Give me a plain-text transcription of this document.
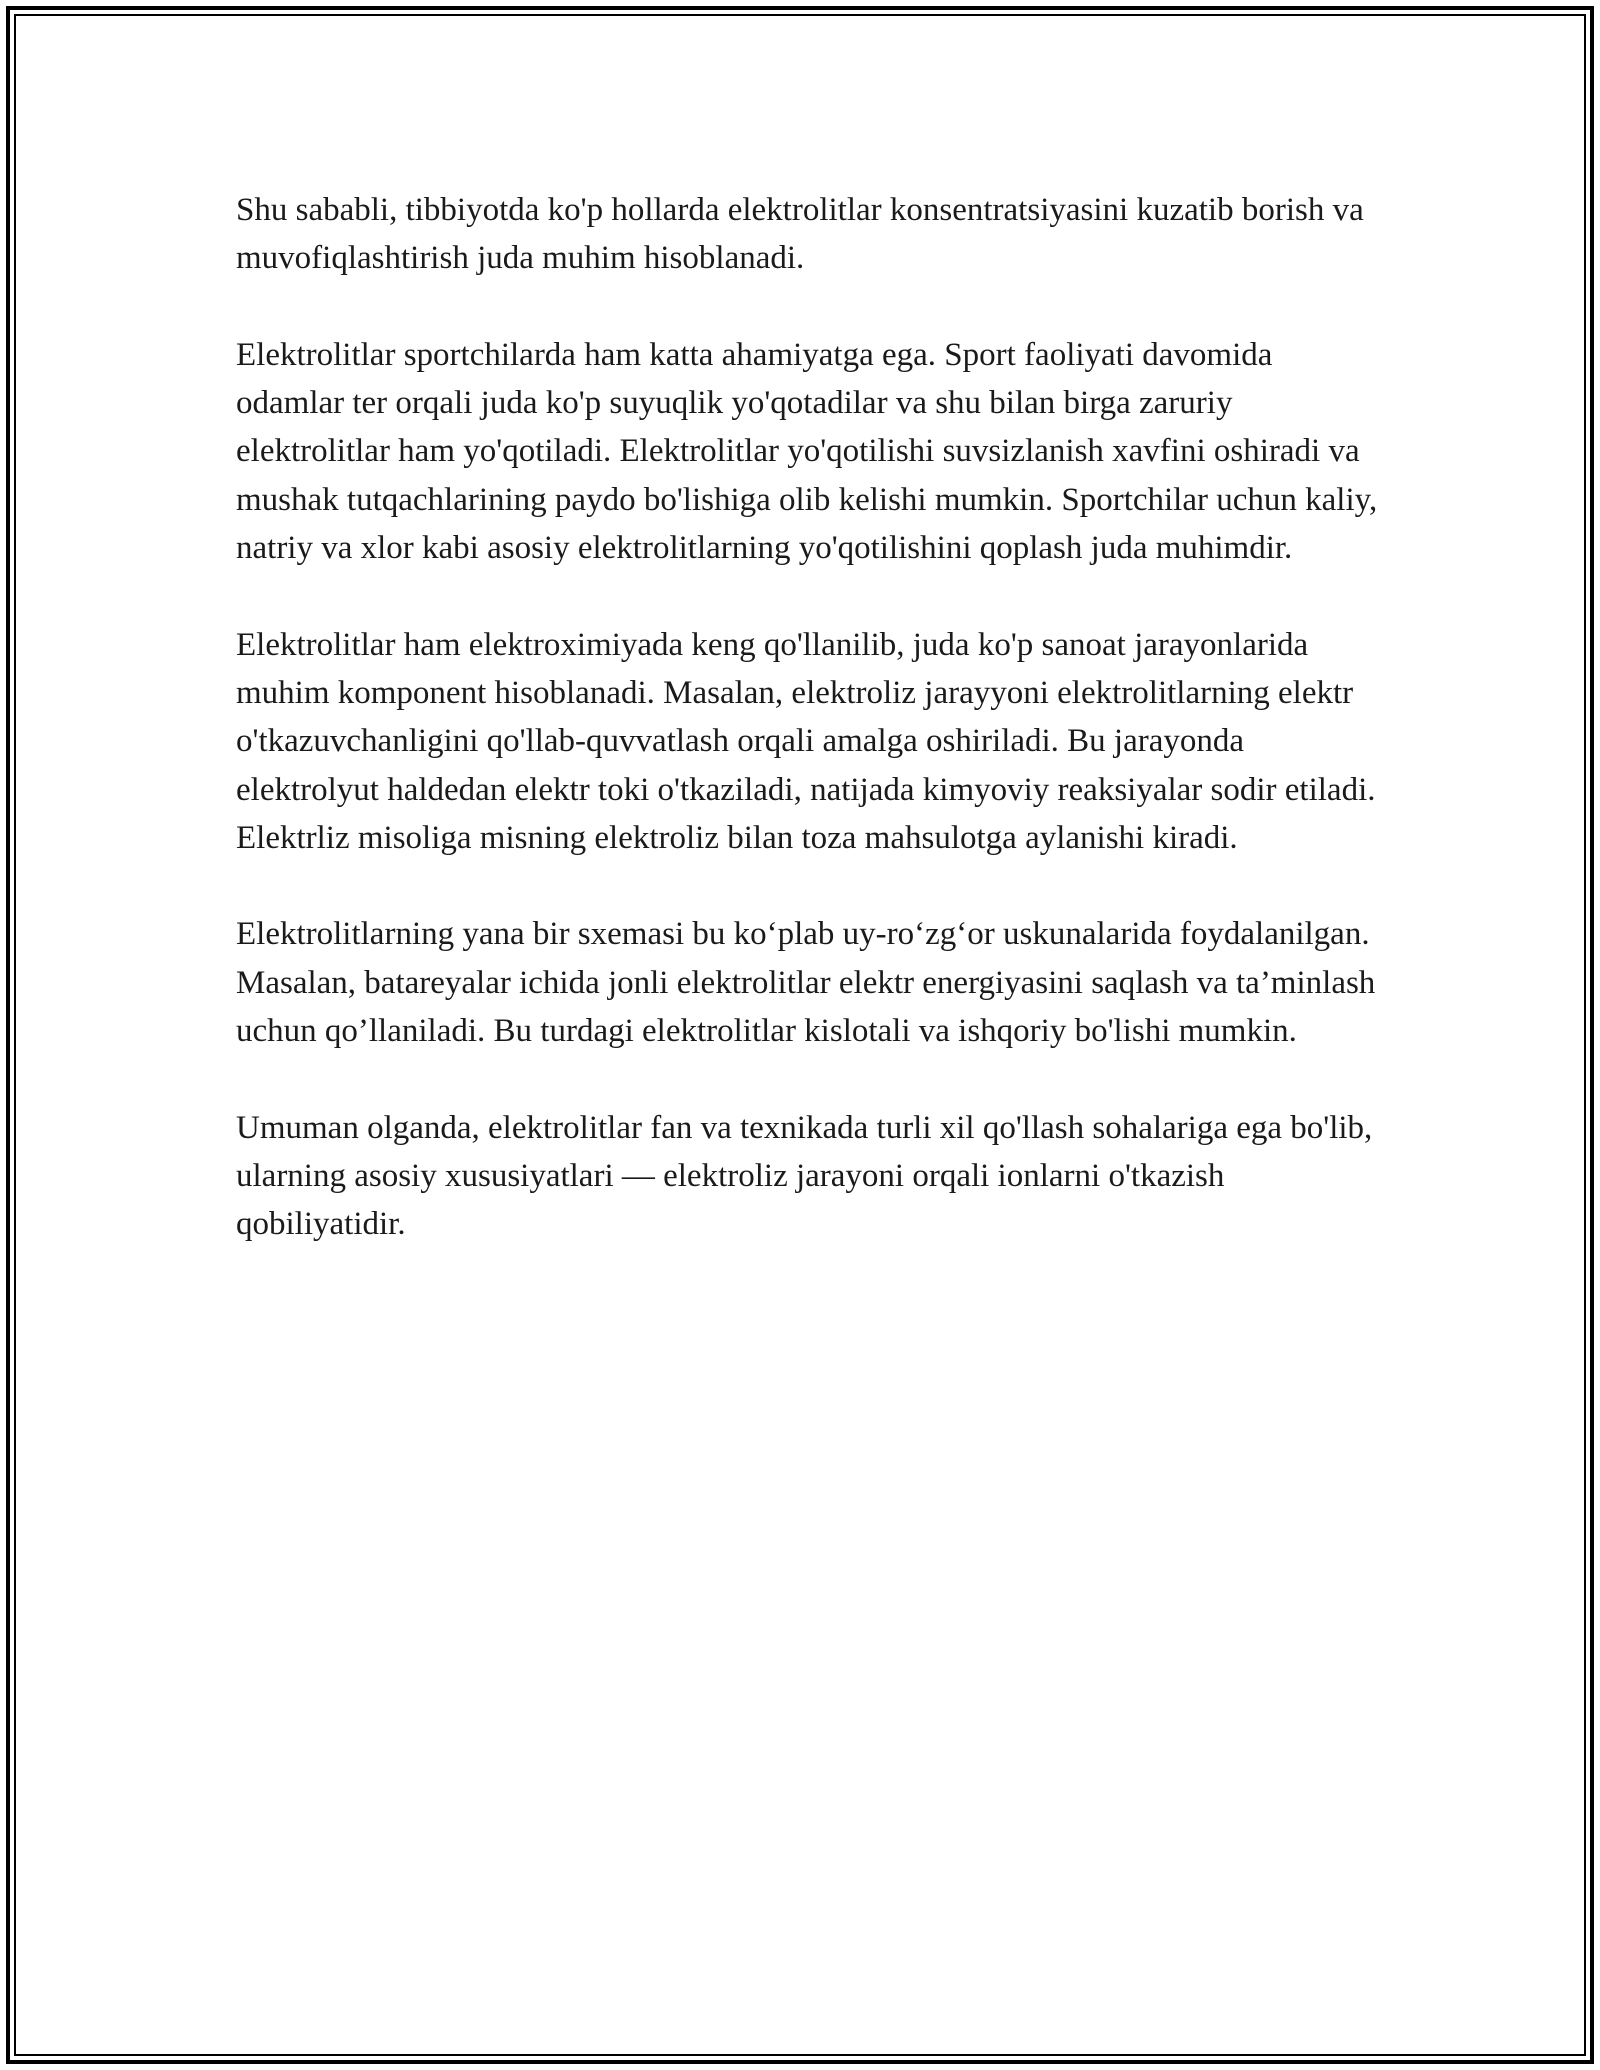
Shu sababli, tibbiyotda ko'p hollarda elektrolitlar konsentratsiyasini kuzatib borish va muvofiqlashtirish juda muhim hisoblanadi.

Elektrolitlar sportchilarda ham katta ahamiyatga ega. Sport faoliyati davomida odamlar ter orqali juda ko'p suyuqlik yo'qotadilar va shu bilan birga zaruriy elektrolitlar ham yo'qotiladi. Elektrolitlar yo'qotilishi suvsizlanish xavfini oshiradi va mushak tutqachlarining paydo bo'lishiga olib kelishi mumkin. Sportchilar uchun kaliy, natriy va xlor kabi asosiy elektrolitlarning yo'qotilishini qoplash juda muhimdir.

Elektrolitlar ham elektroximiyada keng qo'llanilib, juda ko'p sanoat jarayonlarida muhim komponent hisoblanadi. Masalan, elektroliz jarayyoni elektrolitlarning elektr o'tkazuvchanligini qo'llab-quvvatlash orqali amalga oshiriladi. Bu jarayonda elektrolyut haldedan elektr toki o'tkaziladi, natijada kimyoviy reaksiyalar sodir etiladi. Elektrliz misoliga misning elektroliz bilan toza mahsulotga aylanishi kiradi.

Elektrolitlarning yana bir sxemasi bu ko‘plab uy-ro‘zg‘or uskunalarida foydalanilgan. Masalan, batareyalar ichida jonli elektrolitlar elektr energiyasini saqlash va ta’minlash uchun qo’llaniladi. Bu turdagi elektrolitlar kislotali va ishqoriy bo'lishi mumkin.

Umuman olganda, elektrolitlar fan va texnikada turli xil qo'llash sohalariga ega bo'lib, ularning asosiy xususiyatlari — elektroliz jarayoni orqali ionlarni o'tkazish qobiliyatidir.
